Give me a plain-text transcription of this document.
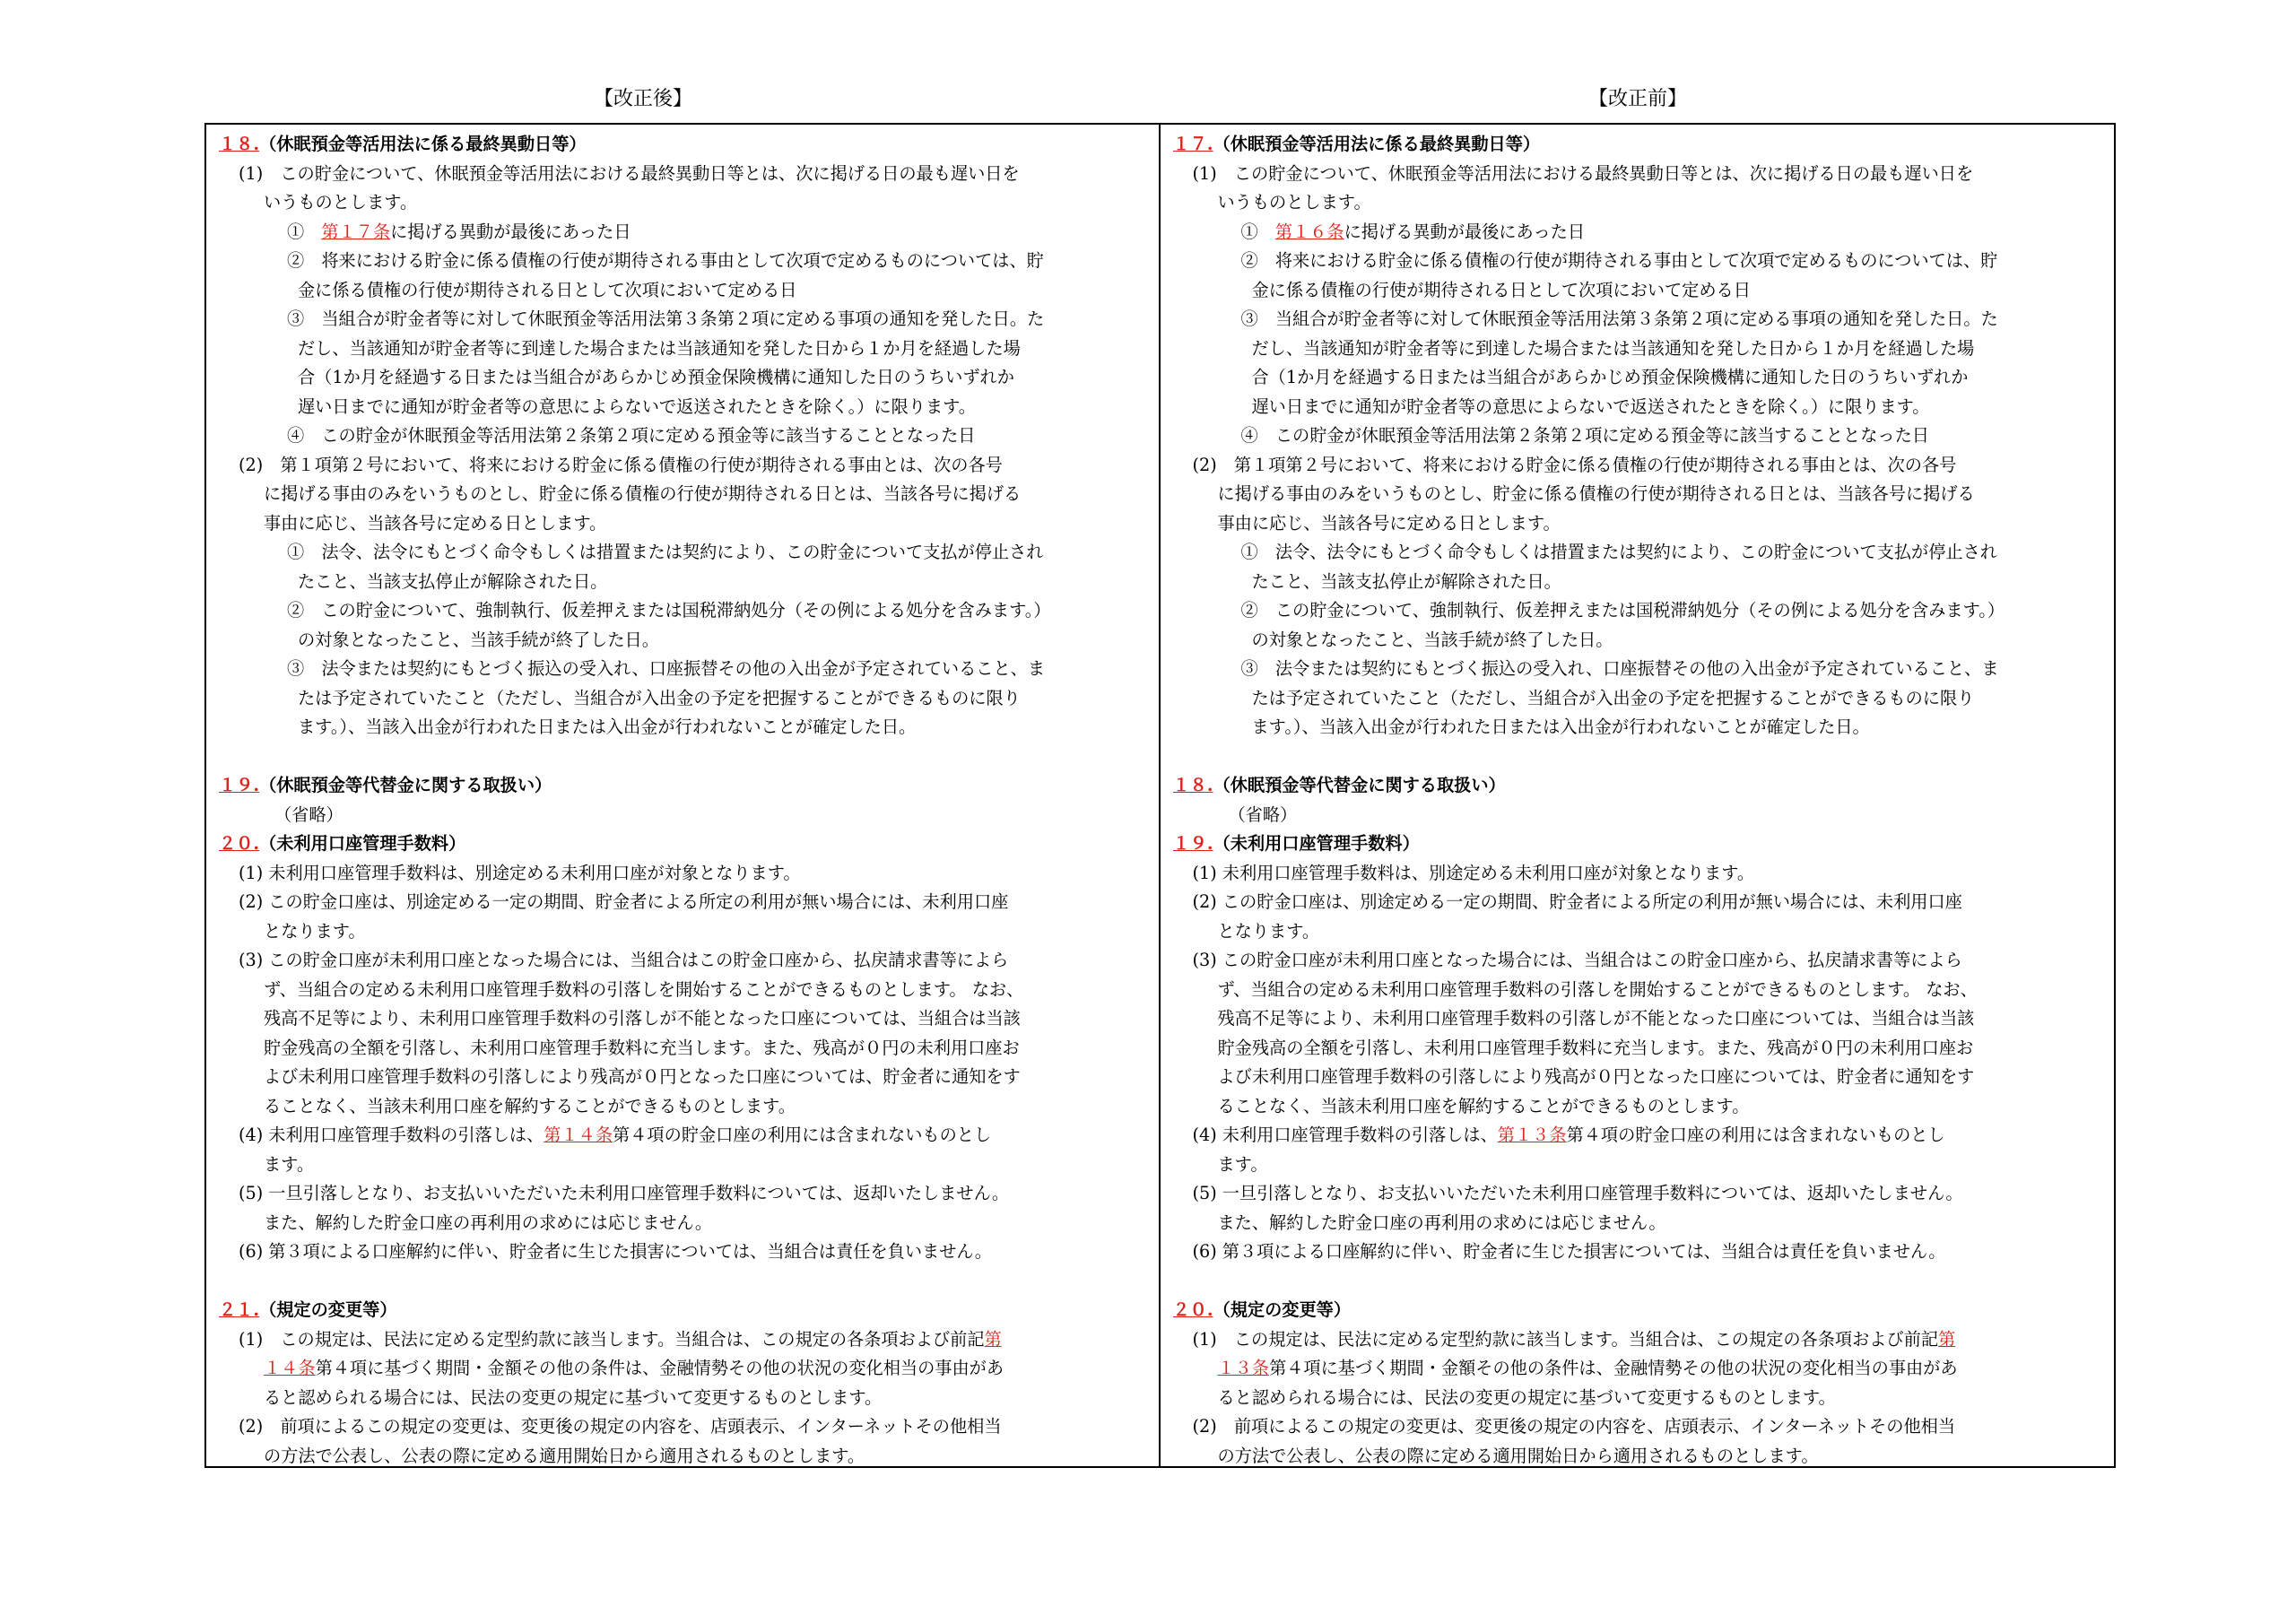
【改正後】	【改正前】
１８.（休眠預金等活用法に係る最終異動日等）
(1)　この貯金について、休眠預金等活用法における最終異動日等とは、次に掲げる日の最も遅い日を
いうものとします。
①　第１７条に掲げる異動が最後にあった日
②　将来における貯金に係る債権の行使が期待される事由として次項で定めるものについては、貯
金に係る債権の行使が期待される日として次項において定める日
③　当組合が貯金者等に対して休眠預金等活用法第３条第２項に定める事項の通知を発した日。た
だし、当該通知が貯金者等に到達した場合または当該通知を発した日から１か月を経過した場
合（1か月を経過する日または当組合があらかじめ預金保険機構に通知した日のうちいずれか
遅い日までに通知が貯金者等の意思によらないで返送されたときを除く。）に限ります。
④　この貯金が休眠預金等活用法第２条第２項に定める預金等に該当することとなった日
(2)　第１項第２号において、将来における貯金に係る債権の行使が期待される事由とは、次の各号
に掲げる事由のみをいうものとし、貯金に係る債権の行使が期待される日とは、当該各号に掲げる
事由に応じ、当該各号に定める日とします。
①　法令、法令にもとづく命令もしくは措置または契約により、この貯金について支払が停止され
たこと、当該支払停止が解除された日。
②　この貯金について、強制執行、仮差押えまたは国税滞納処分（その例による処分を含みます。）
の対象となったこと、当該手続が終了した日。
③　法令または契約にもとづく振込の受入れ、口座振替その他の入出金が予定されていること、ま
たは予定されていたこと（ただし、当組合が入出金の予定を把握することができるものに限り
ます。）、当該入出金が行われた日または入出金が行われないことが確定した日。
１９.（休眠預金等代替金に関する取扱い）
（省略）
２０.（未利用口座管理手数料）
(1) 未利用口座管理手数料は、別途定める未利用口座が対象となります。
(2) この貯金口座は、別途定める一定の期間、貯金者による所定の利用が無い場合には、未利用口座
となります。
(3) この貯金口座が未利用口座となった場合には、当組合はこの貯金口座から、払戻請求書等によら
ず、当組合の定める未利用口座管理手数料の引落しを開始することができるものとします。 なお、
残高不足等により、未利用口座管理手数料の引落しが不能となった口座については、当組合は当該
貯金残高の全額を引落し、未利用口座管理手数料に充当します。また、残高が０円の未利用口座お
よび未利用口座管理手数料の引落しにより残高が０円となった口座については、貯金者に通知をす
ることなく、当該未利用口座を解約することができるものとします。
(4) 未利用口座管理手数料の引落しは、第１４条第４項の貯金口座の利用には含まれないものとし
ます。
(5) 一旦引落しとなり、お支払いいただいた未利用口座管理手数料については、返却いたしません。
また、解約した貯金口座の再利用の求めには応じません。
(6) 第３項による口座解約に伴い、貯金者に生じた損害については、当組合は責任を負いません。
２１.（規定の変更等）
(1)　この規定は、民法に定める定型約款に該当します。当組合は、この規定の各条項および前記第
１４条第４項に基づく期間・金額その他の条件は、金融情勢その他の状況の変化相当の事由があ
ると認められる場合には、民法の変更の規定に基づいて変更するものとします。
(2)　前項によるこの規定の変更は、変更後の規定の内容を、店頭表示、インターネットその他相当
の方法で公表し、公表の際に定める適用開始日から適用されるものとします。
１７.（休眠預金等活用法に係る最終異動日等）
(1)　この貯金について、休眠預金等活用法における最終異動日等とは、次に掲げる日の最も遅い日を
いうものとします。
①　第１６条に掲げる異動が最後にあった日
②　将来における貯金に係る債権の行使が期待される事由として次項で定めるものについては、貯
金に係る債権の行使が期待される日として次項において定める日
③　当組合が貯金者等に対して休眠預金等活用法第３条第２項に定める事項の通知を発した日。た
だし、当該通知が貯金者等に到達した場合または当該通知を発した日から１か月を経過した場
合（1か月を経過する日または当組合があらかじめ預金保険機構に通知した日のうちいずれか
遅い日までに通知が貯金者等の意思によらないで返送されたときを除く。）に限ります。
④　この貯金が休眠預金等活用法第２条第２項に定める預金等に該当することとなった日
(2)　第１項第２号において、将来における貯金に係る債権の行使が期待される事由とは、次の各号
に掲げる事由のみをいうものとし、貯金に係る債権の行使が期待される日とは、当該各号に掲げる
事由に応じ、当該各号に定める日とします。
①　法令、法令にもとづく命令もしくは措置または契約により、この貯金について支払が停止され
たこと、当該支払停止が解除された日。
②　この貯金について、強制執行、仮差押えまたは国税滞納処分（その例による処分を含みます。）
の対象となったこと、当該手続が終了した日。
③　法令または契約にもとづく振込の受入れ、口座振替その他の入出金が予定されていること、ま
たは予定されていたこと（ただし、当組合が入出金の予定を把握することができるものに限り
ます。）、当該入出金が行われた日または入出金が行われないことが確定した日。
１８.（休眠預金等代替金に関する取扱い）
（省略）
１９.（未利用口座管理手数料）
(1) 未利用口座管理手数料は、別途定める未利用口座が対象となります。
(2) この貯金口座は、別途定める一定の期間、貯金者による所定の利用が無い場合には、未利用口座
となります。
(3) この貯金口座が未利用口座となった場合には、当組合はこの貯金口座から、払戻請求書等によら
ず、当組合の定める未利用口座管理手数料の引落しを開始することができるものとします。 なお、
残高不足等により、未利用口座管理手数料の引落しが不能となった口座については、当組合は当該
貯金残高の全額を引落し、未利用口座管理手数料に充当します。また、残高が０円の未利用口座お
よび未利用口座管理手数料の引落しにより残高が０円となった口座については、貯金者に通知をす
ることなく、当該未利用口座を解約することができるものとします。
(4) 未利用口座管理手数料の引落しは、第１３条第４項の貯金口座の利用には含まれないものとし
ます。
(5) 一旦引落しとなり、お支払いいただいた未利用口座管理手数料については、返却いたしません。
また、解約した貯金口座の再利用の求めには応じません。
(6) 第３項による口座解約に伴い、貯金者に生じた損害については、当組合は責任を負いません。
２０.（規定の変更等）
(1)　この規定は、民法に定める定型約款に該当します。当組合は、この規定の各条項および前記第
１３条第４項に基づく期間・金額その他の条件は、金融情勢その他の状況の変化相当の事由があ
ると認められる場合には、民法の変更の規定に基づいて変更するものとします。
(2)　前項によるこの規定の変更は、変更後の規定の内容を、店頭表示、インターネットその他相当
の方法で公表し、公表の際に定める適用開始日から適用されるものとします。
